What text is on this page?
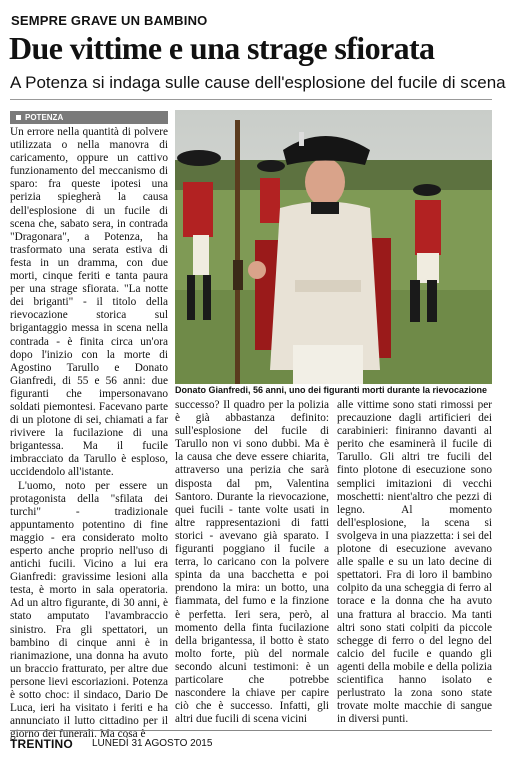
SEMPRE GRAVE UN BAMBINO
Due vittime e una strage sfiorata
A Potenza si indaga sulle cause dell'esplosione del fucile di scena
POTENZA

Un errore nella quantità di polvere utilizzata o nella manovra di caricamento, oppure un cattivo funzionamento del meccanismo di sparo: fra queste ipotesi una perizia spiegherà la causa dell'esplosione di un fucile di scena che, sabato sera, in contrada "Dragonara", a Potenza, ha trasformato una serata estiva di festa in un dramma, con due morti, cinque feriti e tanta paura per una strage sfiorata. "La notte dei briganti" - il titolo della rievocazione storica sul brigantaggio messa in scena nella contrada - è finita circa un'ora dopo l'inizio con la morte di Agostino Tarullo e Donato Gianfredi, di 55 e 56 anni: due figuranti che impersonavano soldati piemontesi. Facevano parte di un plotone di sei, chiamati a far rivivere la fucilazione di una brigantessa. Ma il fucile imbracciato da Tarullo è esploso, uccidendolo all'istante.

L'uomo, noto per essere un protagonista della "sfilata dei turchi" - tradizionale appuntamento potentino di fine maggio - era considerato molto esperto anche proprio nell'uso di antichi fucili. Vicino a lui era Gianfredi: gravissime lesioni alla testa, è morto in sala operatoria. Ad un altro figurante, di 30 anni, è stato amputato l'avambraccio sinistro. Fra gli spettatori, un bambino di cinque anni è in rianimazione, una donna ha avuto un braccio fratturato, per altre due persone lievi escoriazioni. Potenza è sotto choc: il sindaco, Dario De Luca, ieri ha visitato i feriti e ha annunciato il lutto cittadino per il giorno dei funerali. Ma cosa è

Donato Gianfredi, 56 anni, uno dei figuranti morti durante la rievocazione

successo? Il quadro per la polizia è già abbastanza definito: sull'esplosione del fucile di Tarullo non vi sono dubbi. Ma è la causa che deve essere chiarita, attraverso una perizia che sarà disposta dal pm, Valentina Santoro. Durante la rievocazione, quei fucili - tante volte usati in altre rappresentazioni di fatti storici - avevano già sparato. I figuranti poggiano il fucile a terra, lo caricano con la polvere spinta da una bacchetta e poi prendono la mira: un botto, una fiammata, del fumo e la finzione è perfetta. Ieri sera, però, al momento della finta fucilazione della brigantessa, il botto è stato molto forte, più del normale secondo alcuni testimoni: è un particolare che potrebbe nascondere la chiave per capire ciò che è successo. Infatti, gli altri due fucili di scena vicini

alle vittime sono stati rimossi per precauzione dagli artificieri dei carabinieri: finiranno davanti al perito che esaminerà il fucile di Tarullo. Gli altri tre fucili del finto plotone di esecuzione sono semplici imitazioni di vecchi moschetti: nient'altro che pezzi di legno. Al momento dell'esplosione, la scena si svolgeva in una piazzetta: i sei del plotone di esecuzione avevano alle spalle e su un lato decine di spettatori. Fra di loro il bambino colpito da una scheggia di ferro al torace e la donna che ha avuto una frattura al braccio. Ma tanti altri sono stati colpiti da piccole schegge di ferro o del legno del calcio del fucile e quando gli agenti della mobile e della polizia scientifica hanno isolato e perlustrato la zona sono state trovate molte macchie di sangue in diversi punti.

TRENTINO LUNEDÌ 31 AGOSTO 2015
